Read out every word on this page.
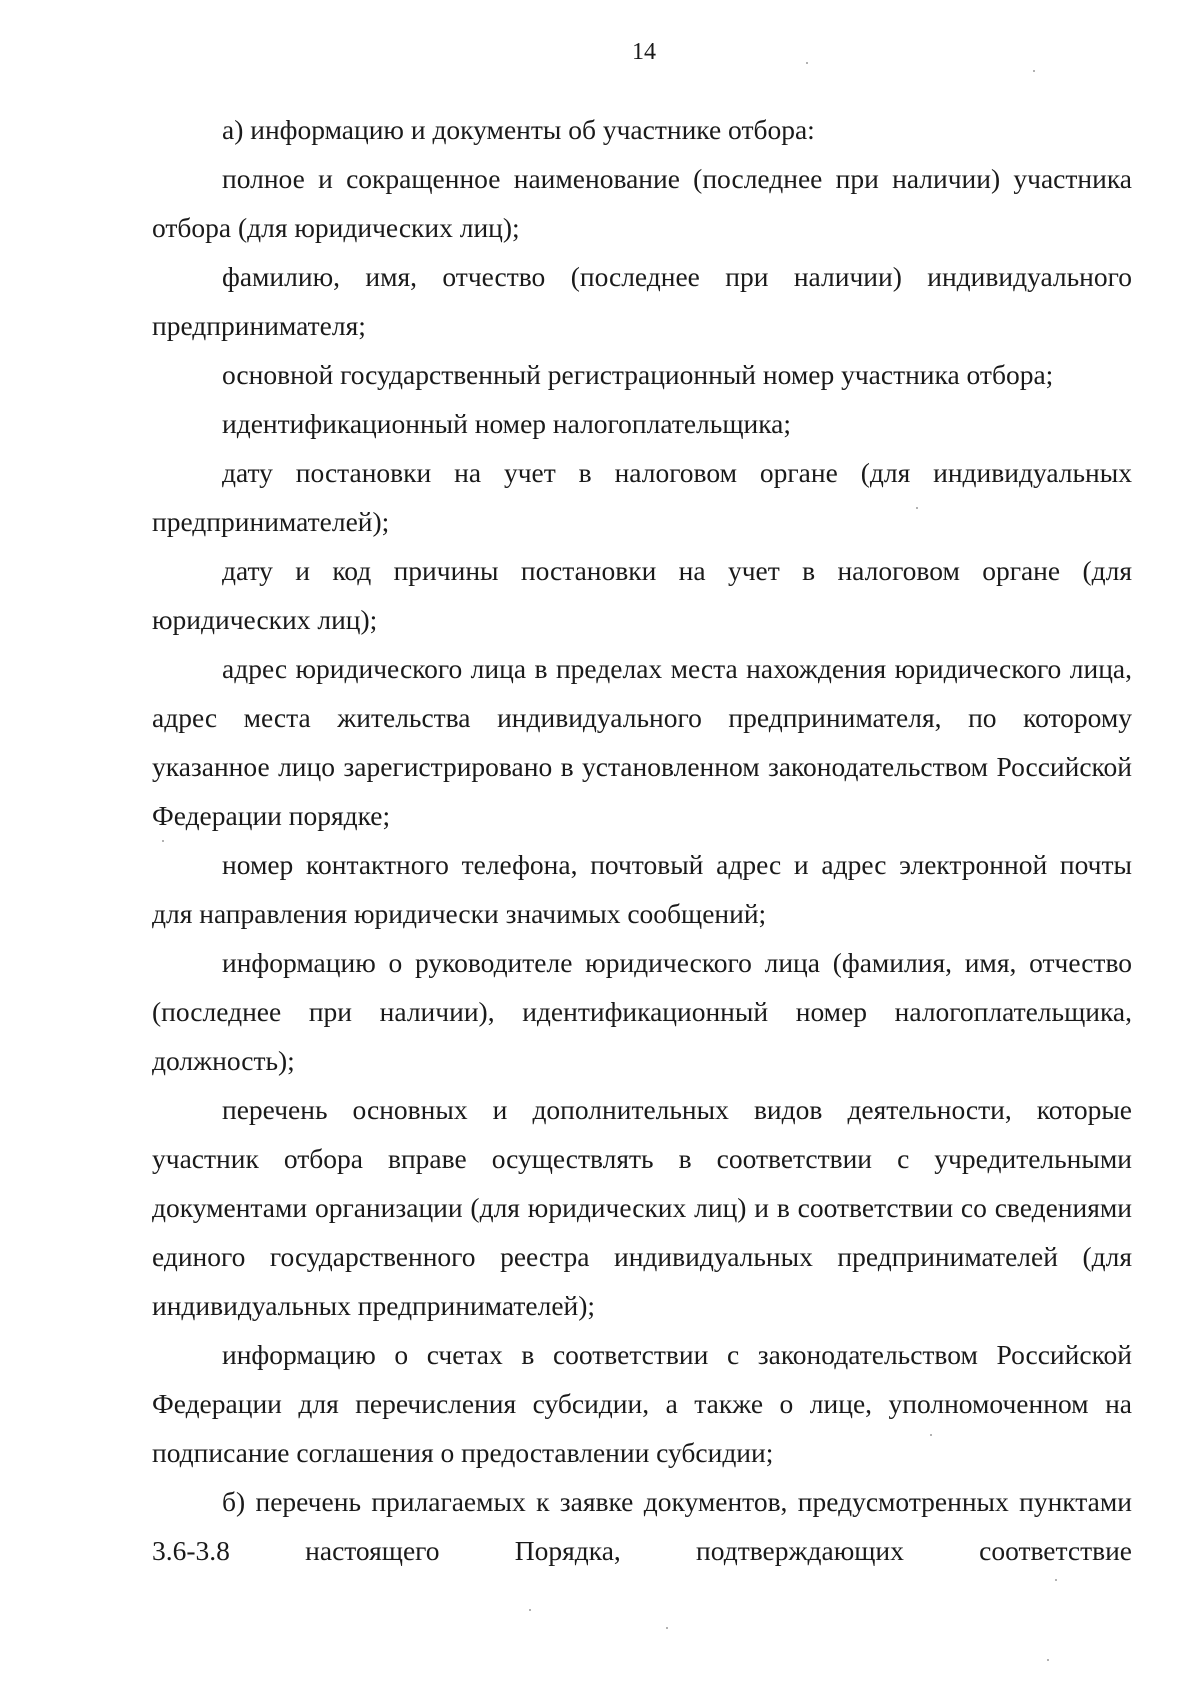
14

а) информацию и документы об участнике отбора:

полное и сокращенное наименование (последнее при наличии) участника отбора (для юридических лиц);

фамилию, имя, отчество (последнее при наличии) индивидуального предпринимателя;

основной государственный регистрационный номер участника отбора;

идентификационный номер налогоплательщика;

дату постановки на учет в налоговом органе (для индивидуальных предпринимателей);

дату и код причины постановки на учет в налоговом органе (для юридических лиц);

адрес юридического лица в пределах места нахождения юридического лица, адрес места жительства индивидуального предпринимателя, по которому указанное лицо зарегистрировано в установленном законодательством Российской Федерации порядке;

номер контактного телефона, почтовый адрес и адрес электронной почты для направления юридически значимых сообщений;

информацию о руководителе юридического лица (фамилия, имя, отчество (последнее при наличии), идентификационный номер налогоплательщика, должность);

перечень основных и дополнительных видов деятельности, которые участник отбора вправе осуществлять в соответствии с учредительными документами организации (для юридических лиц) и в соответствии со сведениями единого государственного реестра индивидуальных предпринимателей (для индивидуальных предпринимателей);

информацию о счетах в соответствии с законодательством Российской Федерации для перечисления субсидии, а также о лице, уполномоченном на подписание соглашения о предоставлении субсидии;

б) перечень прилагаемых к заявке документов, предусмотренных пунктами 3.6-3.8 настоящего Порядка, подтверждающих соответствие
